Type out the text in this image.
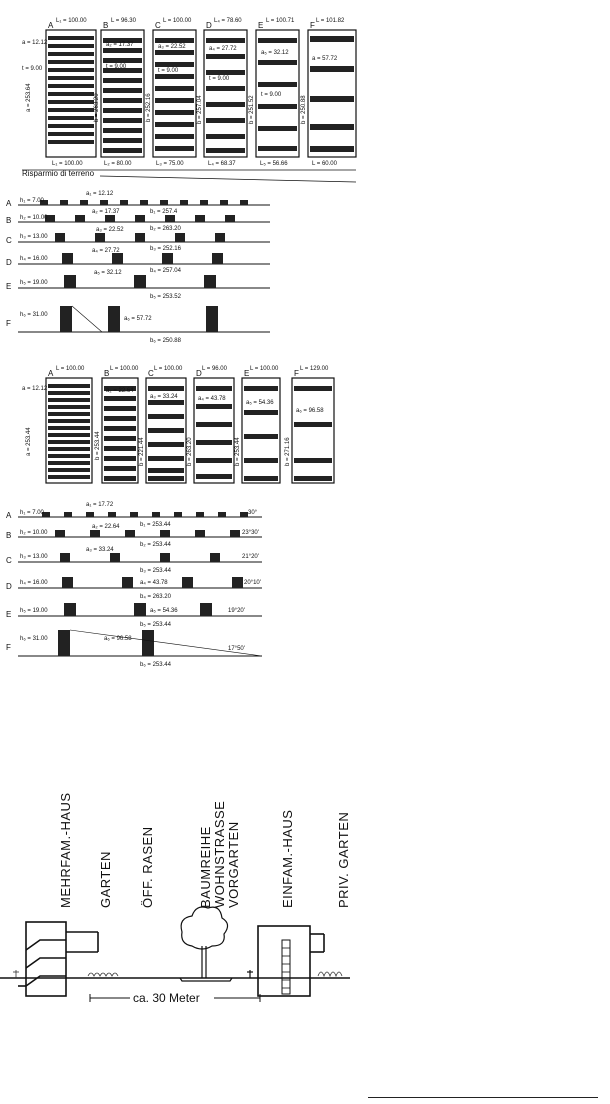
A L₁ = 100.00
a = 12.12
t = 9.00
a = 253.64
L₁ = 100.00
B L = 96.30
a₂ = 17.37
t = 9.00
b = 263.20
L₂ = 80.00
C L = 100.00
a₃ = 22.52
t = 9.00
b = 252.16
L₃ = 75.00
D L₄ = 78.60
a₄ = 27.72
t = 9.00
b = 257.04
L₄ = 68.37
E L = 100.71
a₅ = 32.12
t = 9.00
b = 251.52
L₅ = 56.66
F L = 101.82
a = 57.72
b = 250.88
L = 60.00
Risparmio di terreno
A h₁ = 7.00
a₁ = 12.12
b₁ = 257.4
B h₂ = 10.00
a₂ = 17.37
b₂ = 263.20
C h₃ = 13.00
a₃ = 22.52
b₃ = 252.16
D h₄ = 16.00
a₄ = 27.72
b₄ = 257.04
E h₅ = 19.00
a₅ = 32.12
b₅ = 253.52
F
h₆ = 31.00
a₆ = 57.72
b₆ = 250.88
A L = 100.00
a = 12.12
a = 253.44
B L = 100.00
a₂ = 22.64
b = 253.44
C L = 100.00
a₃ = 33.24
b = 221.44
D L = 96.00
a₄ = 43.78
b = 263.20
E L = 100.00
a₅ = 54.36
b = 253.44
F L = 129.00
a₆ = 96.58
b = 271.16
A h₁ = 7.00
a₁ = 17.72
b₁ = 253.44
30°
B h₂ = 10.00
a₂ = 22.64
b₂ = 253.44
23°30'
C h₃ = 13.00
a₃ = 33.24
b₃ = 253.44
21°20'
D h₄ = 16.00	a₄ = 43.78
b₄ = 263.20
20°10'
E h₅ = 19.00	a₅ = 54.36
b₅ = 253.44
19°20'
F
h₆ = 31.00	a₆ = 96.58
b₆ = 253.44
17°50'
MEHRFAM.-HAUS GARTEN ÖFF. RASEN	BAUMREIHE WOHNSTRASSE VORGARTEN	EINFAM.-HAUS	PRIV. GARTEN
ca. 30 Meter
